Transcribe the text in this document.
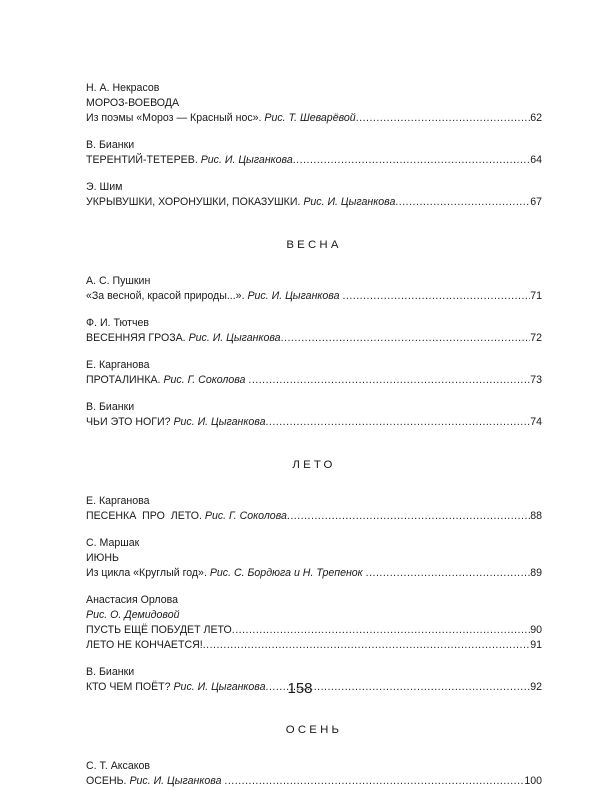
Н. А. Некрасов
МОРОЗ-ВОЕВОДА
Из поэмы «Мороз — Красный нос». Рис. Т. Шеварёвой .....	62
В. Бианки
ТЕРЕНТИЙ-ТЕТЕРЕВ. Рис. И. Цыганкова .....	64
Э. Шим
УКРЫВУШКИ, ХОРОНУШКИ, ПОКАЗУШКИ. Рис. И. Цыганкова .....	67
ВЕСНА
А. С. Пушкин
«За весной, красой природы...». Рис. И. Цыганкова .....	71
Ф. И. Тютчев
ВЕСЕННЯЯ ГРОЗА. Рис. И. Цыганкова .....	72
Е. Карганова
ПРОТАЛИНКА. Рис. Г. Соколова .....	73
В. Бианки
ЧЬИ ЭТО НОГИ? Рис. И. Цыганкова .....	74
ЛЕТО
Е. Карганова
ПЕСЕНКА  ПРО  ЛЕТО. Рис. Г. Соколова .....	88
С. Маршак
ИЮНЬ
Из цикла «Круглый год». Рис. С. Бордюга и Н. Трепенок .....	89
Анастасия Орлова
Рис. О. Демидовой
ПУСТЬ ЕЩЁ ПОБУДЕТ ЛЕТО .....	90
ЛЕТО НЕ КОНЧАЕТСЯ! .....	91
В. Бианки
КТО ЧЕМ ПОЁТ? Рис. И. Цыганкова .....	92
ОСЕНЬ
С. Т. Аксаков
ОСЕНЬ. Рис. И. Цыганкова .....	100
158
